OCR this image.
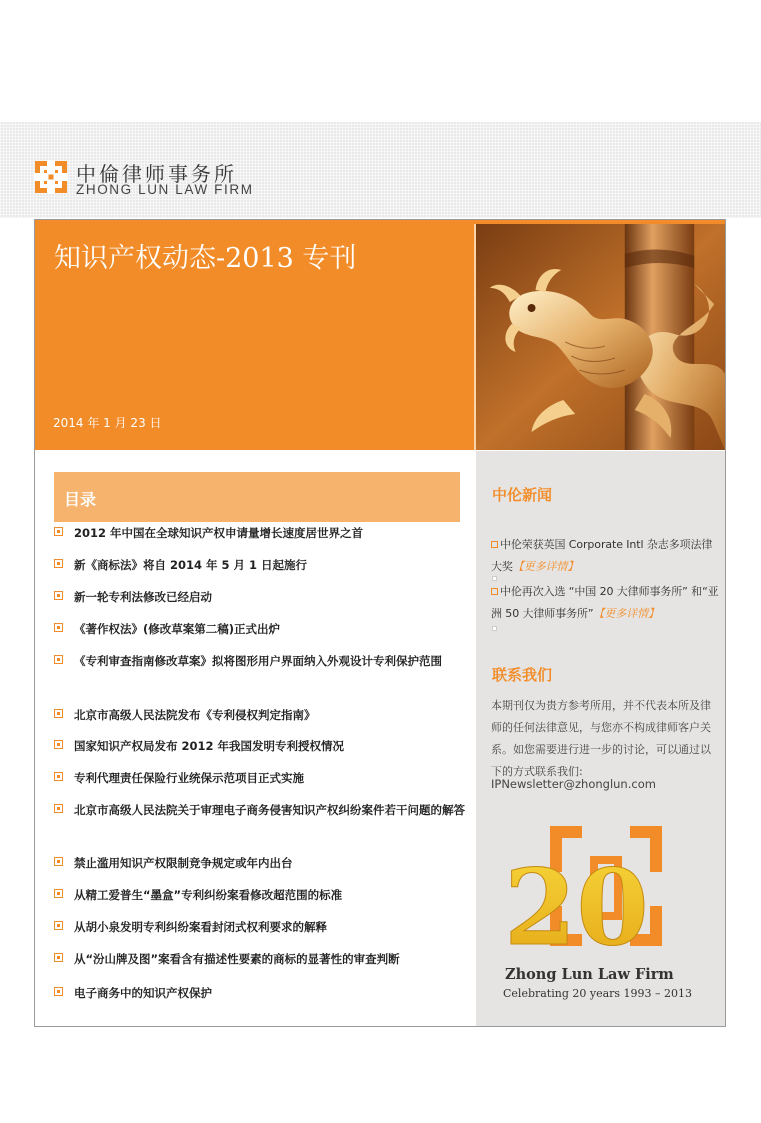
中倫律师事务所
ZHONG LUN LAW FIRM
知识产权动态-2013 专刊
2014 年 1 月 23 日
目录
2012 年中国在全球知识产权申请量增长速度居世界之首
新《商标法》将自 2014 年 5 月 1 日起施行
新一轮专利法修改已经启动
《著作权法》(修改草案第二稿)正式出炉
《专利审查指南修改草案》拟将图形用户界面纳入外观设计专利保护范围
北京市高级人民法院发布《专利侵权判定指南》
国家知识产权局发布 2012 年我国发明专利授权情况
专利代理责任保险行业统保示范项目正式实施
北京市高级人民法院关于审理电子商务侵害知识产权纠纷案件若干问题的解答
禁止滥用知识产权限制竞争规定或年内出台
从精工爱普生“墨盒”专利纠纷案看修改超范围的标准
从胡小泉发明专利纠纷案看封闭式权利要求的解释
从“汾山牌及图”案看含有描述性要素的商标的显著性的审查判断
电子商务中的知识产权保护
中伦新闻
中伦荣获英国 Corporate Intl 杂志多项法律大奖【更多详情】
中伦再次入选 “中国 20 大律师事务所” 和“亚洲 50 大律师事务所”【更多详情】
联系我们
本期刊仅为贵方参考所用，并不代表本所及律师的任何法律意见，与您亦不构成律师客户关系。如您需要进行进一步的讨论，可以通过以下的方式联系我们:
IPNewsletter@zhonglun.com
20
Zhong Lun Law Firm
Celebrating 20 years 1993 – 2013
